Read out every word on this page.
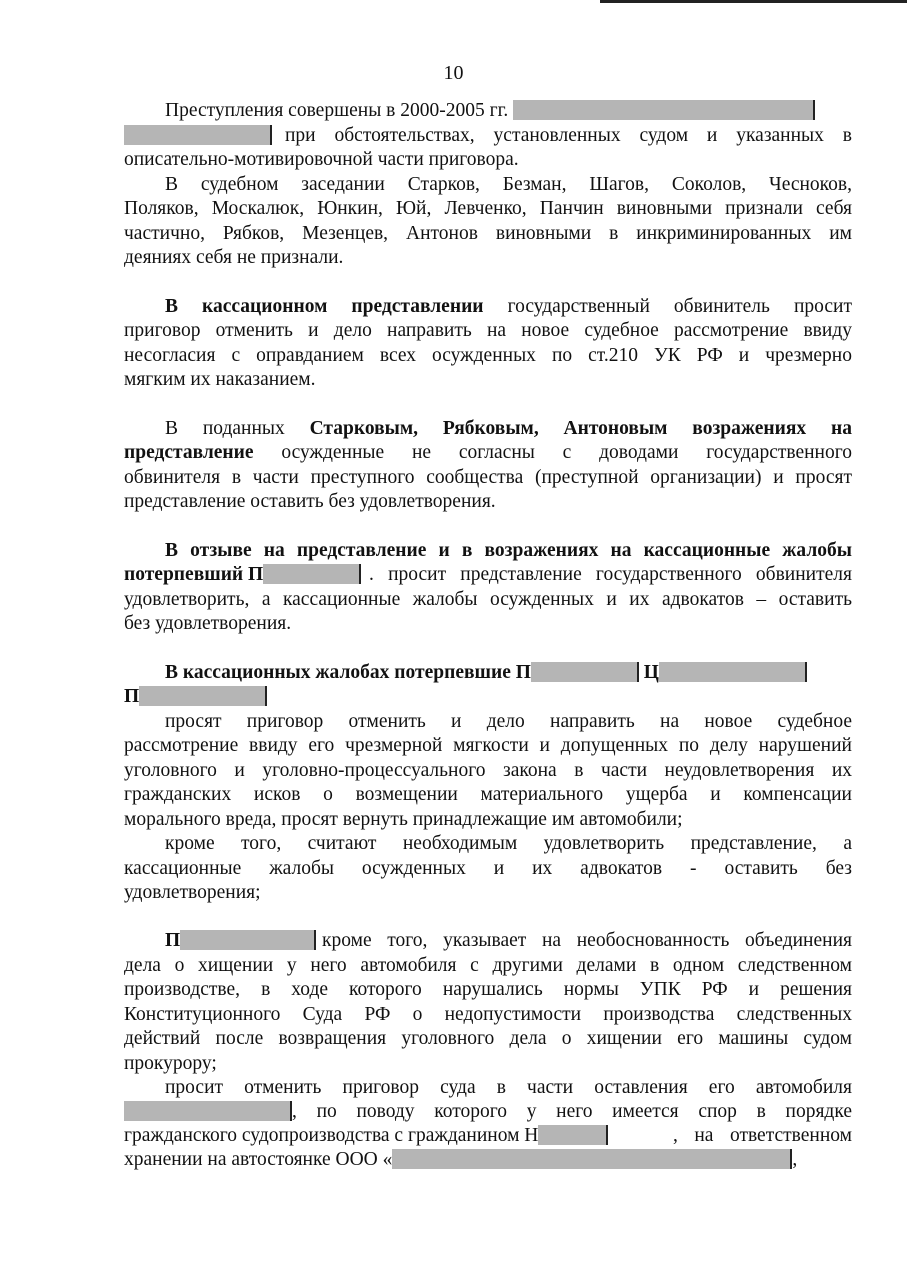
10
Преступления совершены в 2000-2005 гг.
при обстоятельствах, установленных судом и указанных в
описательно-мотивировочной части приговора.
В судебном заседании Старков, Безман, Шагов, Соколов, Чесноков,
Поляков, Москалюк, Юнкин, Юй, Левченко, Панчин виновными признали себя
частично, Рябков, Мезенцев, Антонов виновными в инкриминированных им
деяниях себя не признали.
В кассационном представлении государственный обвинитель просит
приговор отменить и дело направить на новое судебное рассмотрение ввиду
несогласия с оправданием всех осужденных по ст.210 УК РФ и чрезмерно
мягким их наказанием.
В поданных Старковым, Рябковым, Антоновым возражениях на
представление осужденные не согласны с доводами государственного
обвинителя в части преступного сообщества (преступной организации) и просят
представление оставить без удовлетворения.
В отзыве на представление и в возражениях на кассационные жалобы
потерпевший П	. просит представление государственного обвинителя
удовлетворить, а кассационные жалобы осужденных и их адвокатов – оставить
без удовлетворения.
В кассационных жалобах потерпевшие П	Ц
П
просят приговор отменить и дело направить на новое судебное
рассмотрение ввиду его чрезмерной мягкости и допущенных по делу нарушений
уголовного и уголовно-процессуального закона в части неудовлетворения их
гражданских исков о возмещении материального ущерба и компенсации
морального вреда, просят вернуть принадлежащие им автомобили;
кроме того, считают необходимым удовлетворить представление, а
кассационные жалобы осужденных и их адвокатов - оставить без
удовлетворения;
П	кроме того, указывает на необоснованность объединения
дела о хищении у него автомобиля с другими делами в одном следственном
производстве, в ходе которого нарушались нормы УПК РФ и решения
Конституционного Суда РФ о недопустимости производства следственных
действий после возвращения уголовного дела о хищении его машины судом
прокурору;
просит отменить приговор суда в части оставления его автомобиля
, по поводу которого у него имеется спор в порядке
гражданского судопроизводства с гражданином Н	, на ответственном
хранении на автостоянке ООО «	,
